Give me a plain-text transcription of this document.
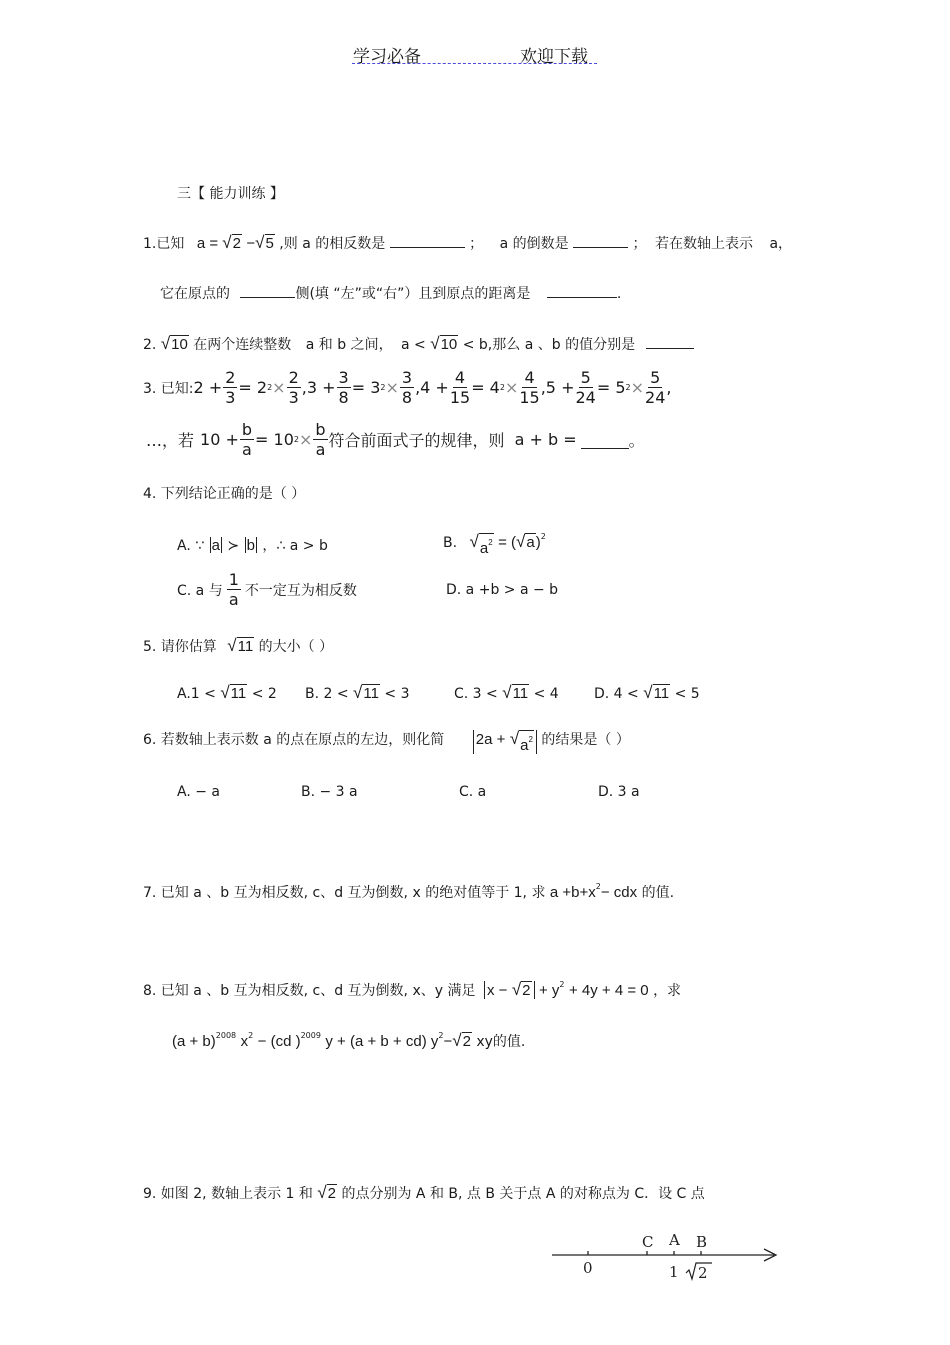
学习必备	欢迎下载
三【 能力训练 】
1.已知 a = √ 2 − √ 5 ,则 a 的相反数是	； a 的倒数是	； 若在数轴上表示 a，
它在原点的	侧(填 “左”或“右”）且到原点的距离是	.
2. √ 10 在两个连续整数 a 和 b 之间， a < √ 10 < b,那么 a 、b 的值分别是
3. 已知: $2 + \frac{2}{3} = 2$ $2 \times \frac{2}{3} ,3 + \frac{3}{8} = 3$ $2 \times \frac{3}{8} ,4 + \frac{4}{15} = 4$ $2 \times \frac{4}{15} ,5 + \frac{5}{24} = 5$ $2 \times \frac{5}{24}$ ,
…，若 $10 + \frac{b}{a} = 10$ $2 \times \frac{b}{a}$ 符合前面式子的规律，则 a + b =	。
4. 下列结论正确的是（ ）
A. ∵ a ≻ b ，∴ a > b	B. √ $a^2$ = ( √ a )$^2$
C. a 与 $\frac{1}{a}$ 不一定互为相反数	D. a +b > a − b
5. 请你估算 √ 11 的大小（ ）
A.1 < √ 11 < 2 B. 2 < √ 11 < 3	C. 3 < √ 11 < 4	D. 4 < √ 11 < 5
6. 若数轴上表示数 a 的点在原点的左边，则化简 2a + √ $a^2$ 的结果是（ ）
A. − a	B. − 3 a	C. a	D. 3 a
7. 已知 a 、b 互为相反数, c、d 互为倒数, x 的绝对值等于 1, 求 $a +b+x^2-$ cdx 的值.
8. 已知 a 、b 互为相反数, c、d 互为倒数, x、y 满足 x − √ $2 + y^2 + 4y + 4 = 0$ ，求
$(a + b)^{2008}$ $x^2 - (cd$ )$^{2009}$ y + (a + b + cd) $y^2-$ √ 2 xy的值.
9. 如图 2, 数轴上表示 1 和 √ 2 的点分别为 A 和 B, 点 B 关于点 A 的对称点为 C．设 C 点
C A B
0	1 2
